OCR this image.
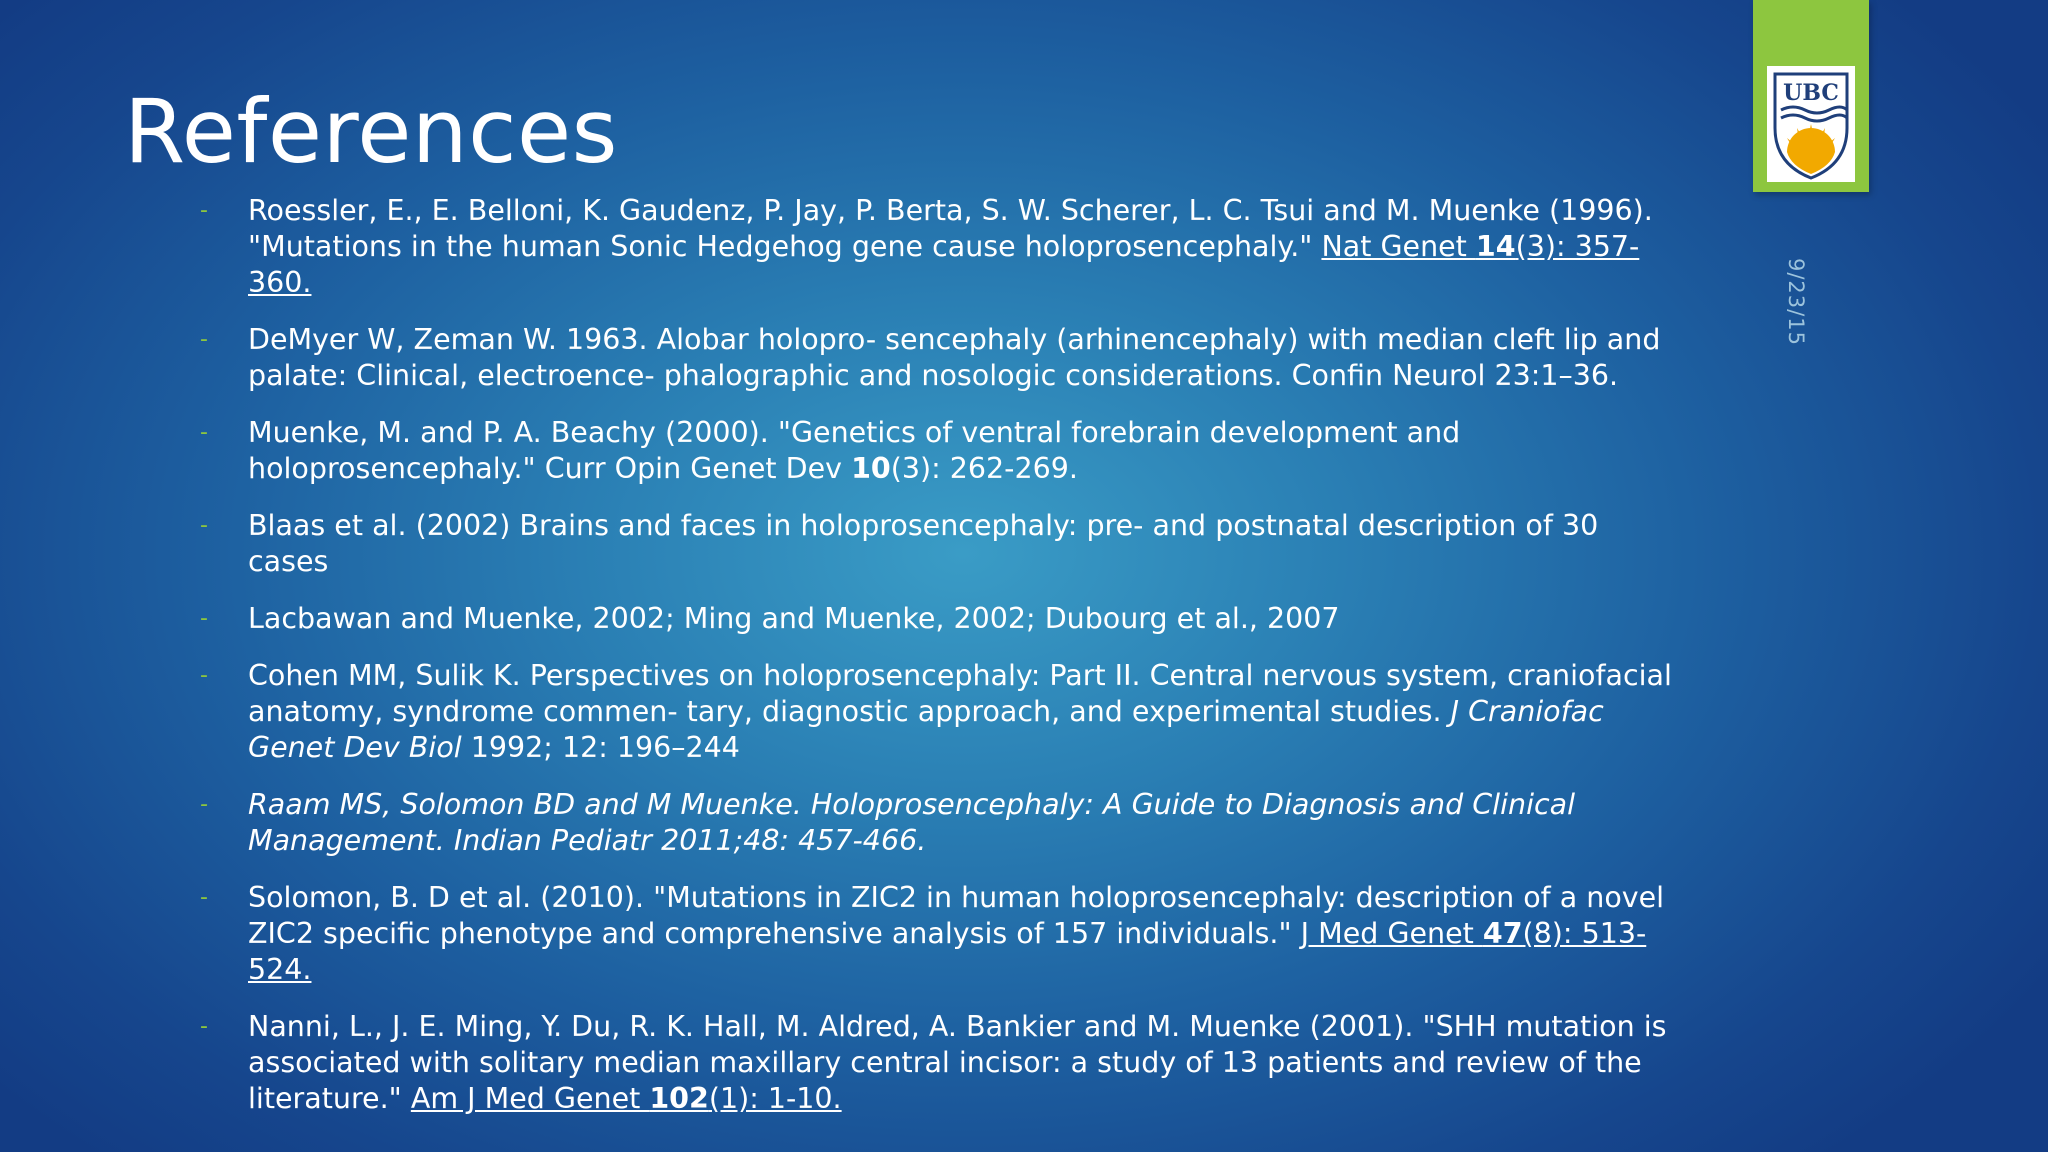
References	UBC
9/23/15
- Roessler, E., E. Belloni, K. Gaudenz, P. Jay, P. Berta, S. W. Scherer, L. C. Tsui and M. Muenke (1996). "Mutations in the human Sonic Hedgehog gene cause holoprosencephaly." Nat Genet 14(3): 357-360.
- DeMyer W, Zeman W. 1963. Alobar holopro- sencephaly (arhinencephaly) with median cleft lip and palate: Clinical, electroence- phalographic and nosologic considerations. Confin Neurol 23:1–36.
- Muenke, M. and P. A. Beachy (2000). "Genetics of ventral forebrain development and holoprosencephaly." Curr Opin Genet Dev 10(3): 262-269.
- Blaas et al. (2002) Brains and faces in holoprosencephaly: pre- and postnatal description of 30 cases
- Lacbawan and Muenke, 2002; Ming and Muenke, 2002; Dubourg et al., 2007
- Cohen MM, Sulik K. Perspectives on holoprosencephaly: Part II. Central nervous system, craniofacial anatomy, syndrome commen- tary, diagnostic approach, and experimental studies. J Craniofac Genet Dev Biol 1992; 12: 196–244
- Raam MS, Solomon BD and M Muenke. Holoprosencephaly: A Guide to Diagnosis and Clinical Management. Indian Pediatr 2011;48: 457-466.
- Solomon, B. D et al. (2010). "Mutations in ZIC2 in human holoprosencephaly: description of a novel ZIC2 specific phenotype and comprehensive analysis of 157 individuals." J Med Genet 47(8): 513-524.
- Nanni, L., J. E. Ming, Y. Du, R. K. Hall, M. Aldred, A. Bankier and M. Muenke (2001). "SHH mutation is associated with solitary median maxillary central incisor: a study of 13 patients and review of the literature." Am J Med Genet 102(1): 1-10.
